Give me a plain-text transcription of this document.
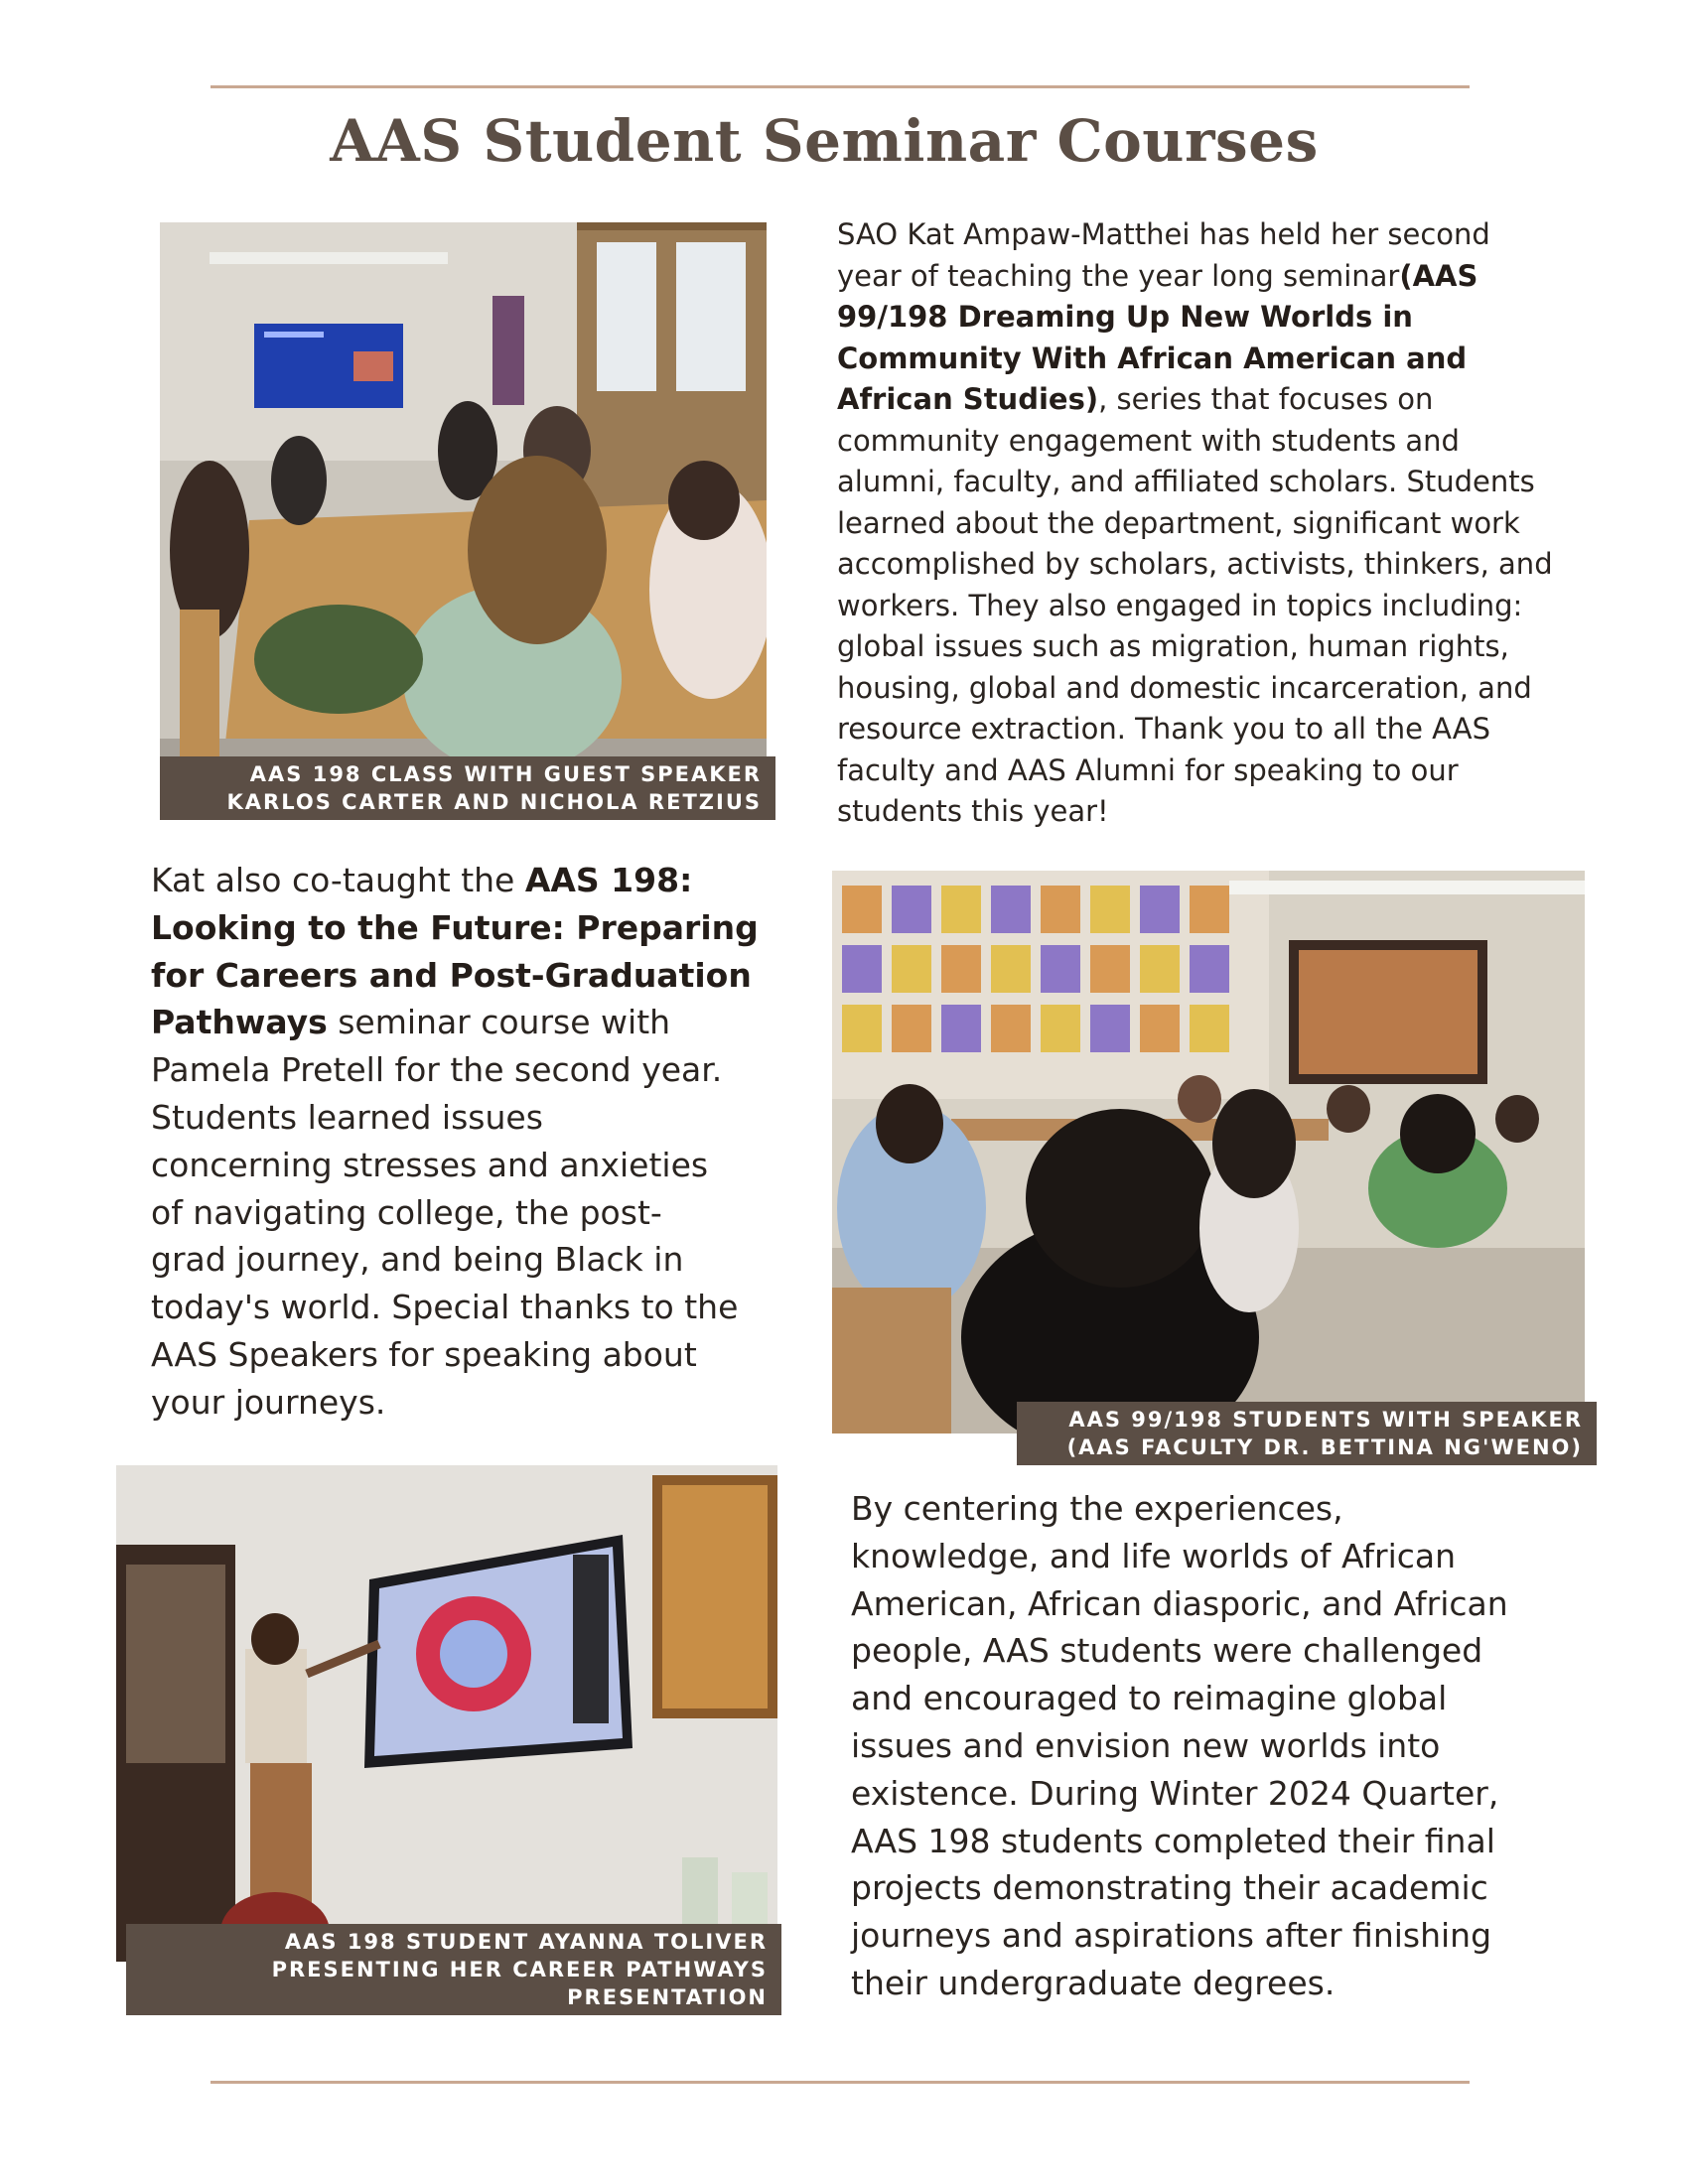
AAS Student Seminar Courses
AAS 198 CLASS WITH GUEST SPEAKER KARLOS CARTER AND NICHOLA RETZIUS

SAO Kat Ampaw-Matthei has held her second
year of teaching the year long seminar(AAS
99/198 Dreaming Up New Worlds in
Community With African American and
African Studies), series that focuses on
community engagement with students and
alumni, faculty, and affiliated scholars. Students
learned about the department, significant work
accomplished by scholars, activists, thinkers, and
workers. They also engaged in topics including:
global issues such as migration, human rights,
housing, global and domestic incarceration, and
resource extraction. Thank you to all the AAS
faculty and AAS Alumni for speaking to our
students this year!

Kat also co-taught the AAS 198:
Looking to the Future: Preparing
for Careers and Post-Graduation
Pathways seminar course with
Pamela Pretell for the second year.
Students learned issues
concerning stresses and anxieties
of navigating college, the post-
grad journey, and being Black in
today's world. Special thanks to the
AAS Speakers for speaking about
your journeys.	AAS 99/198 STUDENTS WITH SPEAKER (AAS FACULTY DR. BETTINA NG'WENO)
AAS 198 STUDENT AYANNA TOLIVER PRESENTING HER CAREER PATHWAYS PRESENTATION

By centering the experiences,
knowledge, and life worlds of African
American, African diasporic, and African
people, AAS students were challenged
and encouraged to reimagine global
issues and envision new worlds into
existence. During Winter 2024 Quarter,
AAS 198 students completed their final
projects demonstrating their academic
journeys and aspirations after finishing
their undergraduate degrees.
